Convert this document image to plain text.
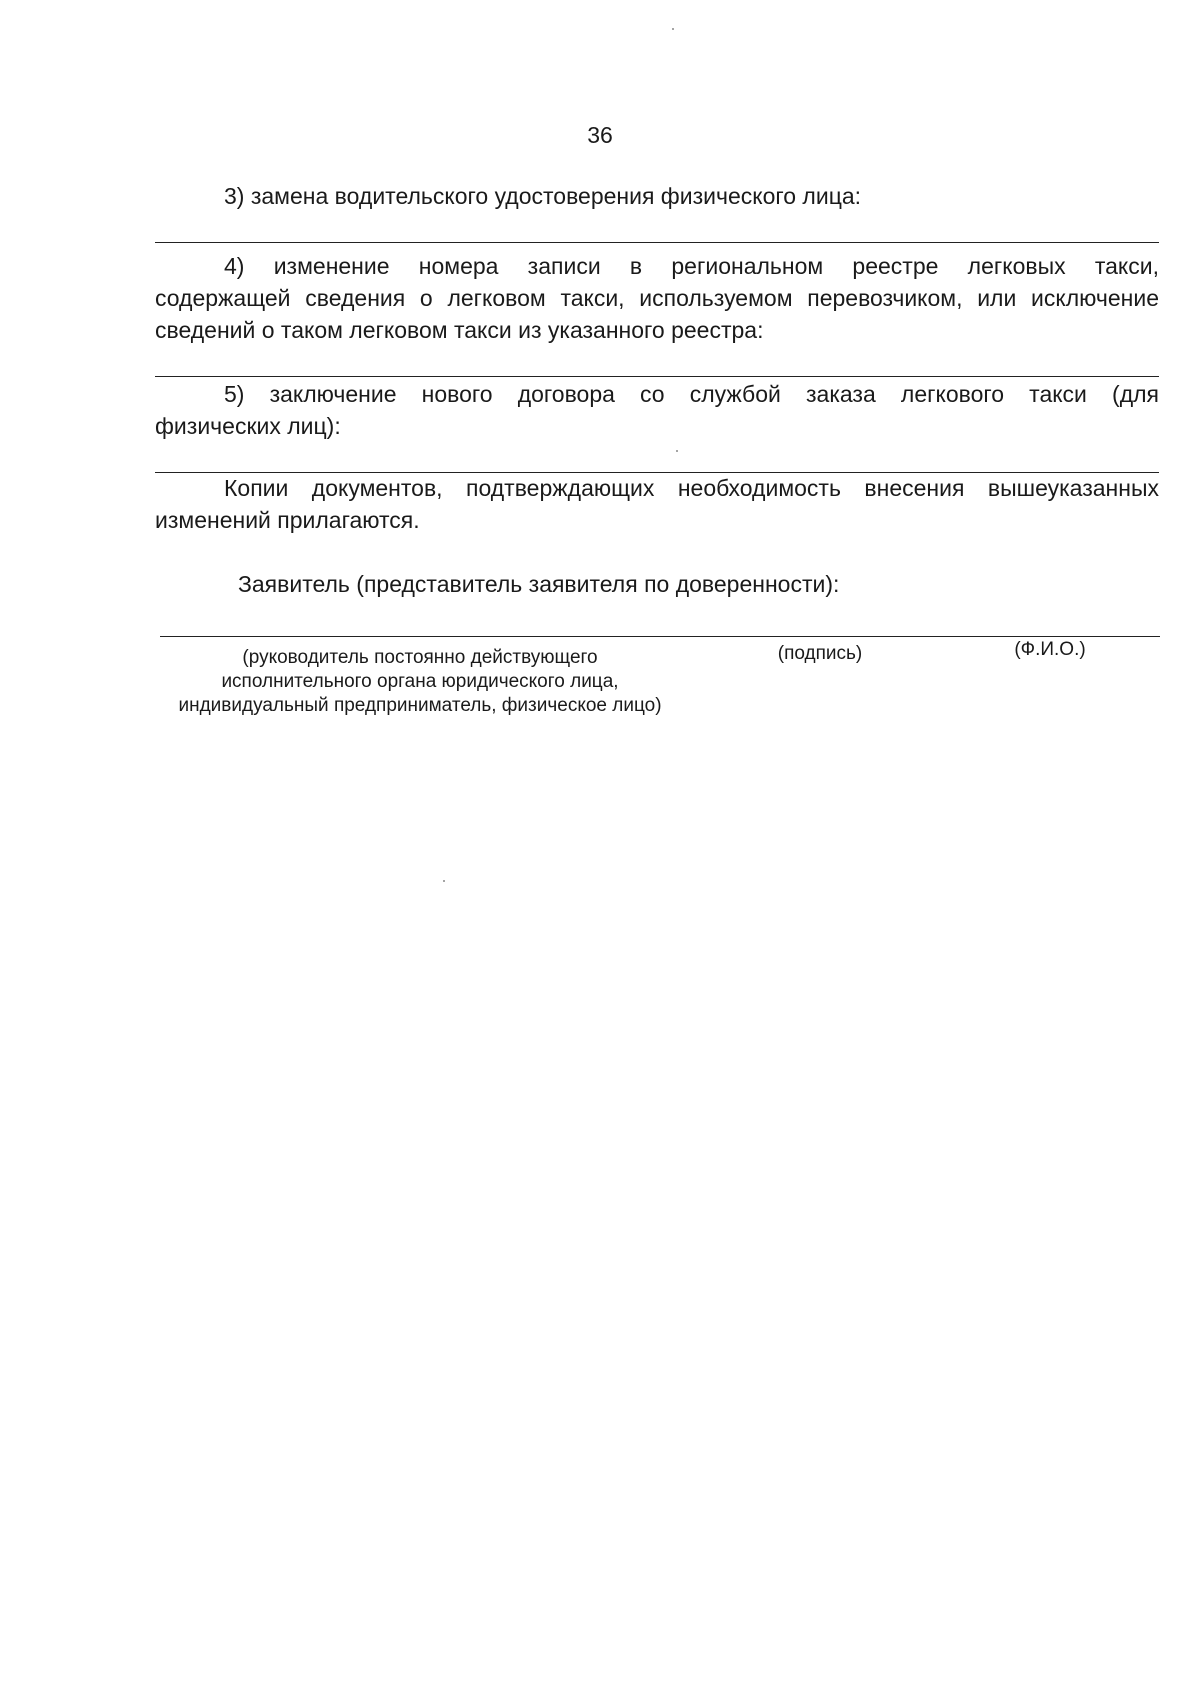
36
3) замена водительского удостоверения физического лица:
4) изменение номера записи в региональном реестре легковых такси,
содержащей сведения о легковом такси, используемом перевозчиком, или исключение
сведений о таком легковом такси из указанного реестра:
5) заключение нового договора со службой заказа легкового такси (для
физических лиц):
Копии документов, подтверждающих необходимость внесения вышеуказанных
изменений прилагаются.
Заявитель (представитель заявителя по доверенности):
(руководитель постоянно действующего
исполнительного органа юридического лица,
индивидуальный предприниматель, физическое лицо)
(подпись)	(Ф.И.О.)
